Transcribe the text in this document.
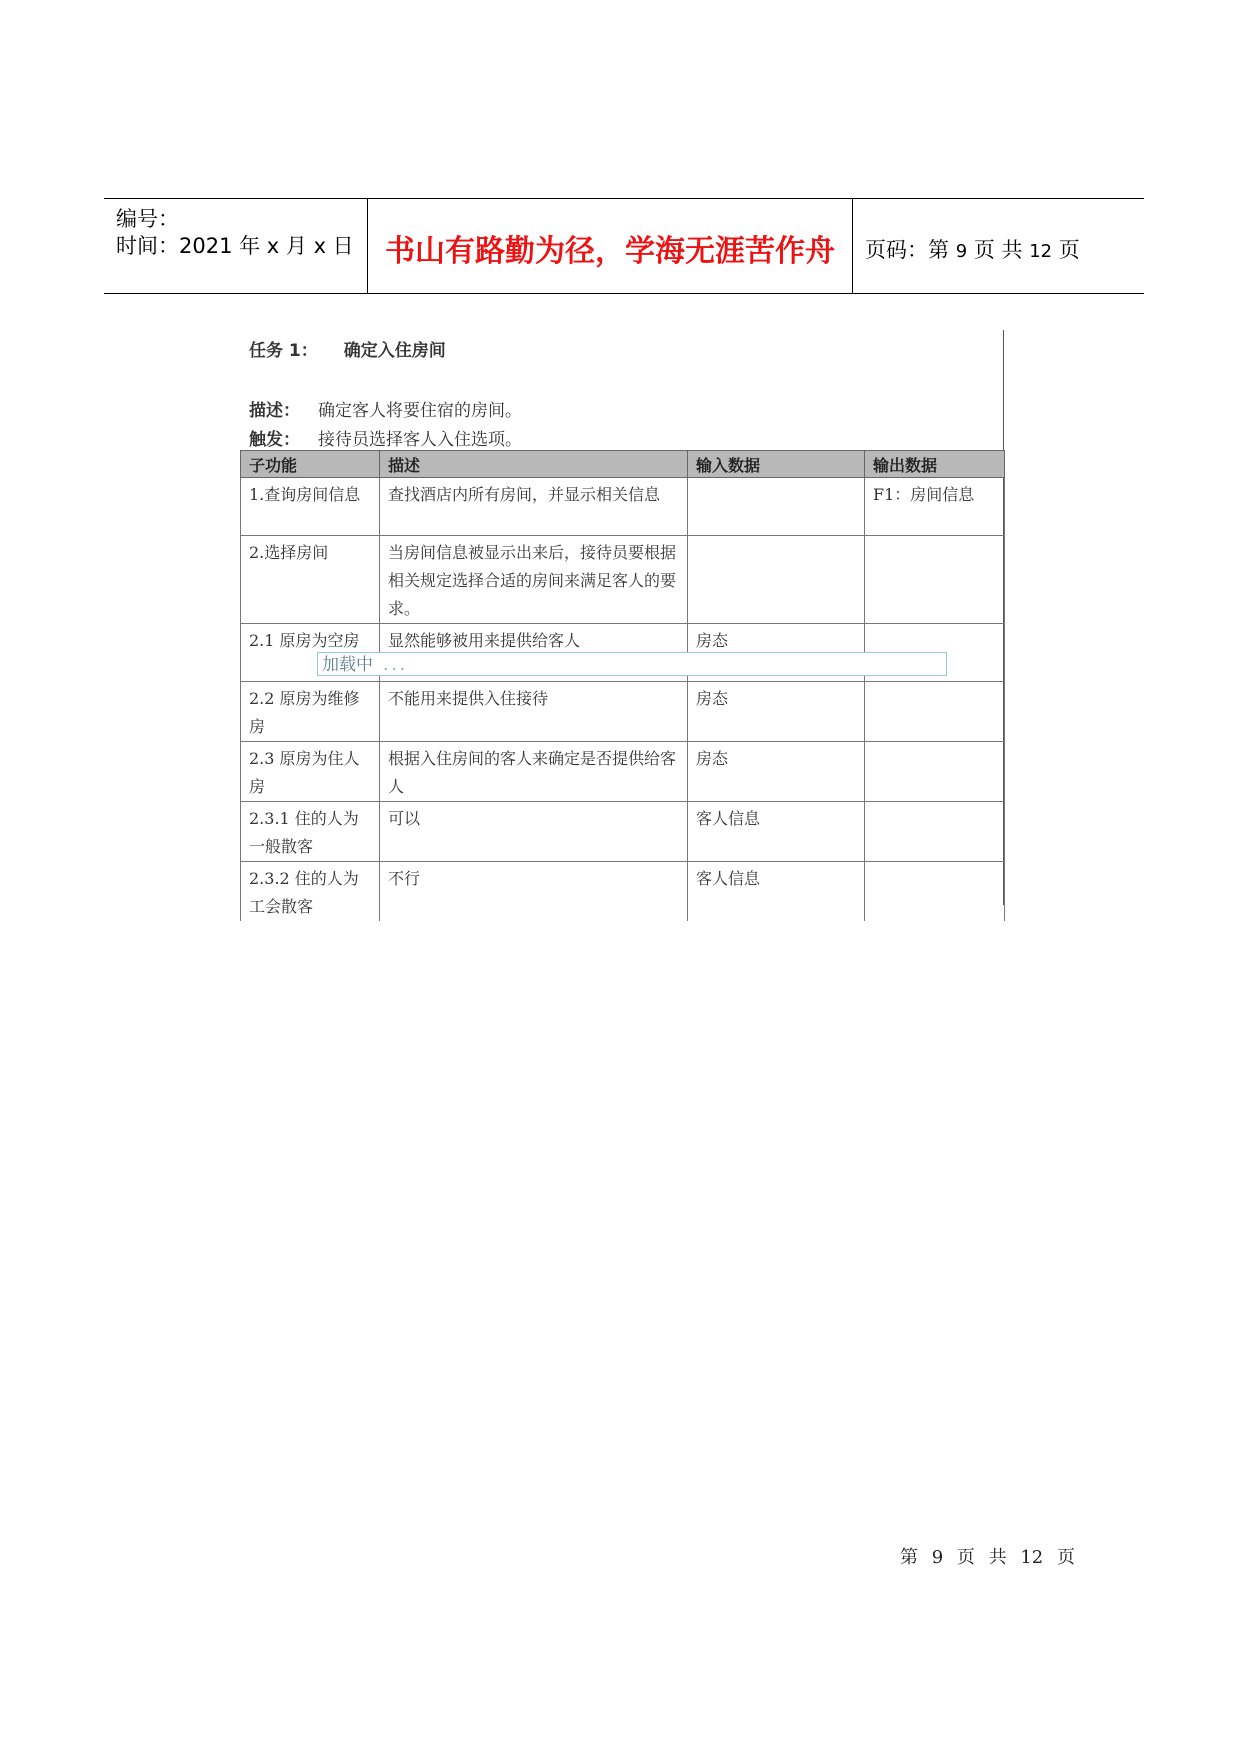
编号：
时间：2021 年 x 月 x 日	书山有路勤为径，学海无涯苦作舟	页码：第 9 页 共 12 页
任务 1： 确定入住房间
描述： 确定客人将要住宿的房间。
触发： 接待员选择客人入住选项。
子功能	描述	输入数据	输出数据
1.查询房间信息	查找酒店内所有房间，并显示相关信息		F1：房间信息
2.选择房间	当房间信息被显示出来后，接待员要根据相关规定选择合适的房间来满足客人的要求。		
2.1 原房为空房	显然能够被用来提供给客人	房态	
2.2 原房为维修房	不能用来提供入住接待	房态	
2.3 原房为住人房	根据入住房间的客人来确定是否提供给客人	房态	
2.3.1 住的人为一般散客	可以	客人信息	
2.3.2 住的人为工会散客	不行	客人信息	
加载中 ...
第 9 页 共 12 页
